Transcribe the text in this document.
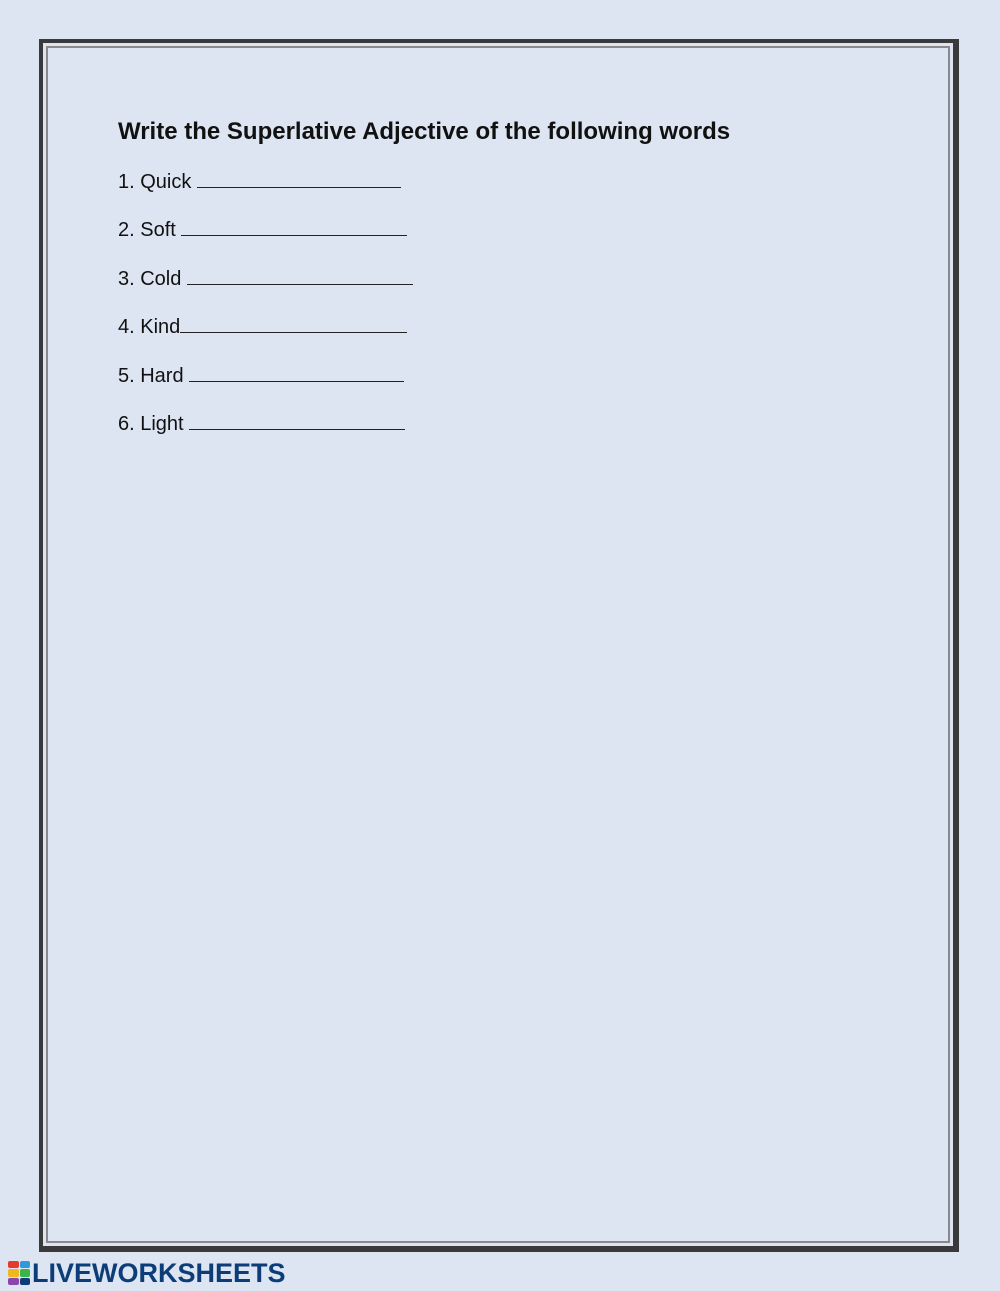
Write the Superlative Adjective of the following words
1. Quick
2. Soft
3. Cold
4. Kind
5. Hard
6. Light
LIVEWORKSHEETS
